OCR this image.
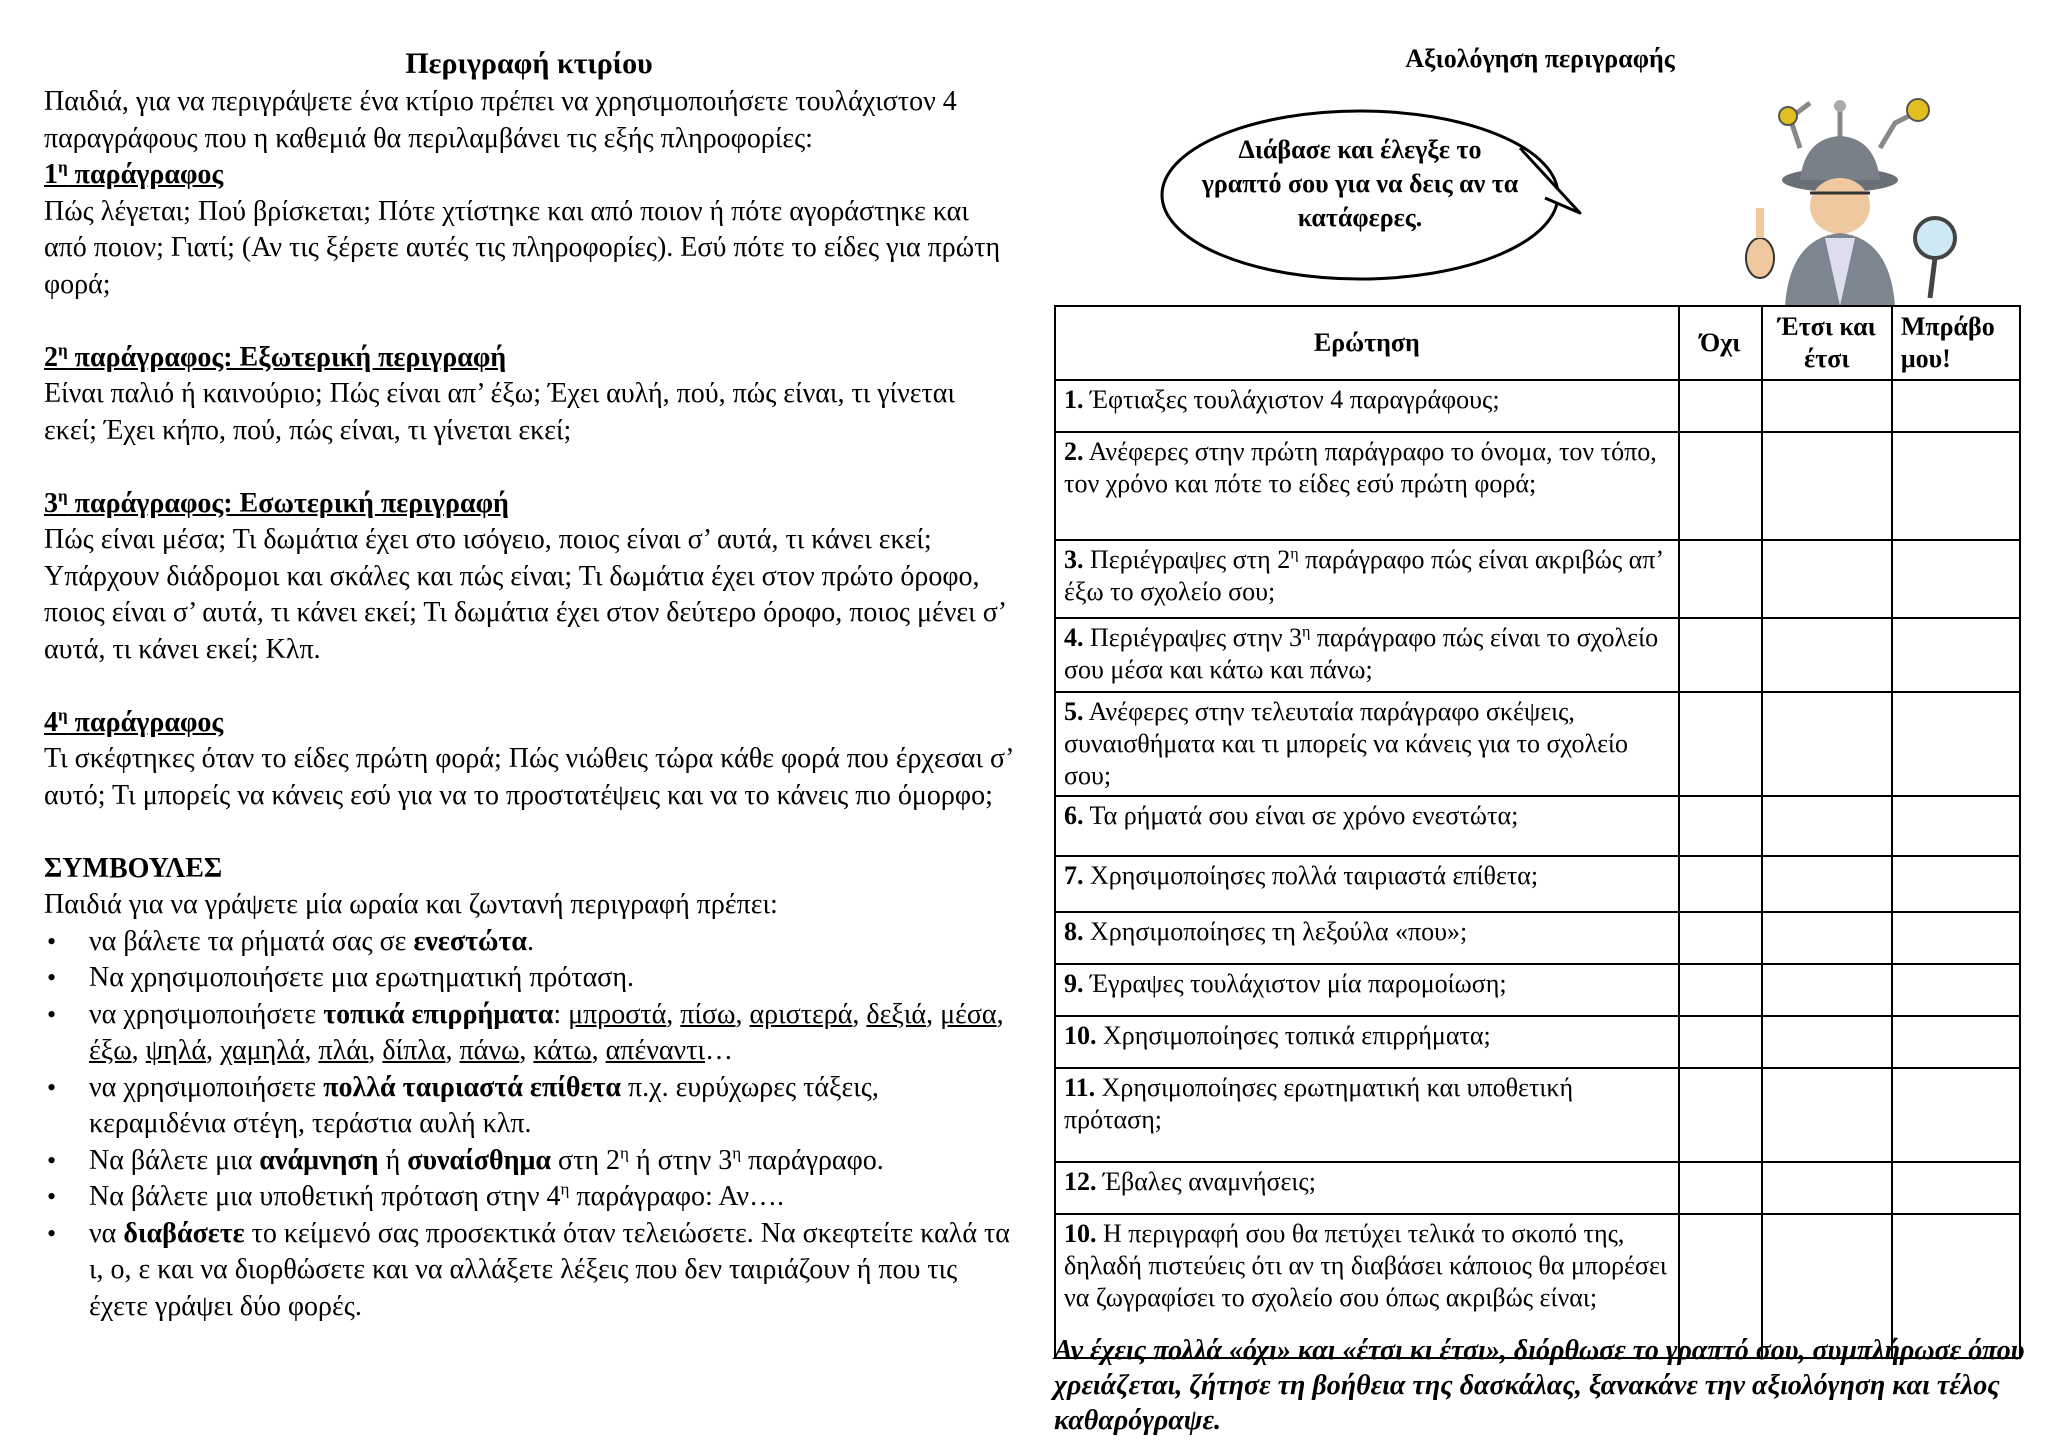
Περιγραφή κτιρίου

Παιδιά, για να περιγράψετε ένα κτίριο πρέπει να χρησιμοποιήσετε τουλάχιστον 4 παραγράφους που η καθεμιά θα περιλαμβάνει τις εξής πληροφορίες:

$1^\eta$ παράγραφος

Πώς λέγεται; Πού βρίσκεται; Πότε χτίστηκε και από ποιον ή πότε αγοράστηκε και από ποιον; Γιατί; (Αν τις ξέρετε αυτές τις πληροφορίες). Εσύ πότε το είδες για πρώτη φορά;

$2^\eta$ παράγραφος: Εξωτερική περιγραφή

Είναι παλιό ή καινούριο; Πώς είναι απ’ έξω; Έχει αυλή, πού, πώς είναι, τι γίνεται εκεί; Έχει κήπο, πού, πώς είναι, τι γίνεται εκεί;

$3^\eta$ παράγραφος: Εσωτερική περιγραφή

Πώς είναι μέσα; Τι δωμάτια έχει στο ισόγειο, ποιος είναι σ’ αυτά, τι κάνει εκεί; Υπάρχουν διάδρομοι και σκάλες και πώς είναι; Τι δωμάτια έχει στον πρώτο όροφο, ποιος είναι σ’ αυτά, τι κάνει εκεί; Τι δωμάτια έχει στον δεύτερο όροφο, ποιος μένει σ’ αυτά, τι κάνει εκεί; Κλπ.

$4^\eta$ παράγραφος

Τι σκέφτηκες όταν το είδες πρώτη φορά; Πώς νιώθεις τώρα κάθε φορά που έρχεσαι σ’ αυτό; Τι μπορείς να κάνεις εσύ για να το προστατέψεις και να το κάνεις πιο όμορφο;

ΣΥΜΒΟΥΛΕΣ

Παιδιά για να γράψετε μία ωραία και ζωντανή περιγραφή πρέπει:

• να βάλετε τα ρήματά σας σε ενεστώτα.
• Να χρησιμοποιήσετε μια ερωτηματική πρόταση.
• να χρησιμοποιήσετε τοπικά επιρρήματα: μπροστά, πίσω, αριστερά, δεξιά, μέσα, έξω, ψηλά, χαμηλά, πλάι, δίπλα, πάνω, κάτω, απέναντι…
• να χρησιμοποιήσετε πολλά ταιριαστά επίθετα π.χ. ευρύχωρες τάξεις, κεραμιδένια στέγη, τεράστια αυλή κλπ.
• Να βάλετε μια ανάμνηση ή συναίσθημα στη $2^\eta$ ή στην $3^\eta$ παράγραφο.
• Να βάλετε μια υποθετική πρόταση στην $4^\eta$ παράγραφο: Αν….
• να διαβάσετε το κείμενό σας προσεκτικά όταν τελειώσετε. Να σκεφτείτε καλά τα ι, ο, ε και να διορθώσετε και να αλλάξετε λέξεις που δεν ταιριάζουν ή που τις έχετε γράψει δύο φορές.
Αξιολόγηση περιγραφής
Διάβασε και έλεγξε το γραπτό σου για να δεις αν τα κατάφερες.
Ερώτηση	Όχι	Έτσι και έτσι	Μπράβο μου!
1. Έφτιαξες τουλάχιστον 4 παραγράφους;			
2. Ανέφερες στην πρώτη παράγραφο το όνομα, τον τόπο, τον χρόνο και πότε το είδες εσύ πρώτη φορά;			
3. Περιέγραψες στη $2^\eta$ παράγραφο πώς είναι ακριβώς απ’ έξω το σχολείο σου;			
4. Περιέγραψες στην $3^\eta$ παράγραφο πώς είναι το σχολείο σου μέσα και κάτω και πάνω;			
5. Ανέφερες στην τελευταία παράγραφο σκέψεις, συναισθήματα και τι μπορείς να κάνεις για το σχολείο σου;			
6. Τα ρήματά σου είναι σε χρόνο ενεστώτα;			
7. Χρησιμοποίησες πολλά ταιριαστά επίθετα;			
8. Χρησιμοποίησες τη λεξούλα «που»;			
9. Έγραψες τουλάχιστον μία παρομοίωση;			
10. Χρησιμοποίησες τοπικά επιρρήματα;			
11. Χρησιμοποίησες ερωτηματική και υποθετική πρόταση;			
12. Έβαλες αναμνήσεις;			
10. Η περιγραφή σου θα πετύχει τελικά το σκοπό της, δηλαδή πιστεύεις ότι αν τη διαβάσει κάποιος θα μπορέσει να ζωγραφίσει το σχολείο σου όπως ακριβώς είναι;			
Αν έχεις πολλά «όχι» και «έτσι κι έτσι», διόρθωσε το γραπτό σου, συμπλήρωσε όπου χρειάζεται, ζήτησε τη βοήθεια της δασκάλας, ξανακάνε την αξιολόγηση και τέλος καθαρόγραψε.
